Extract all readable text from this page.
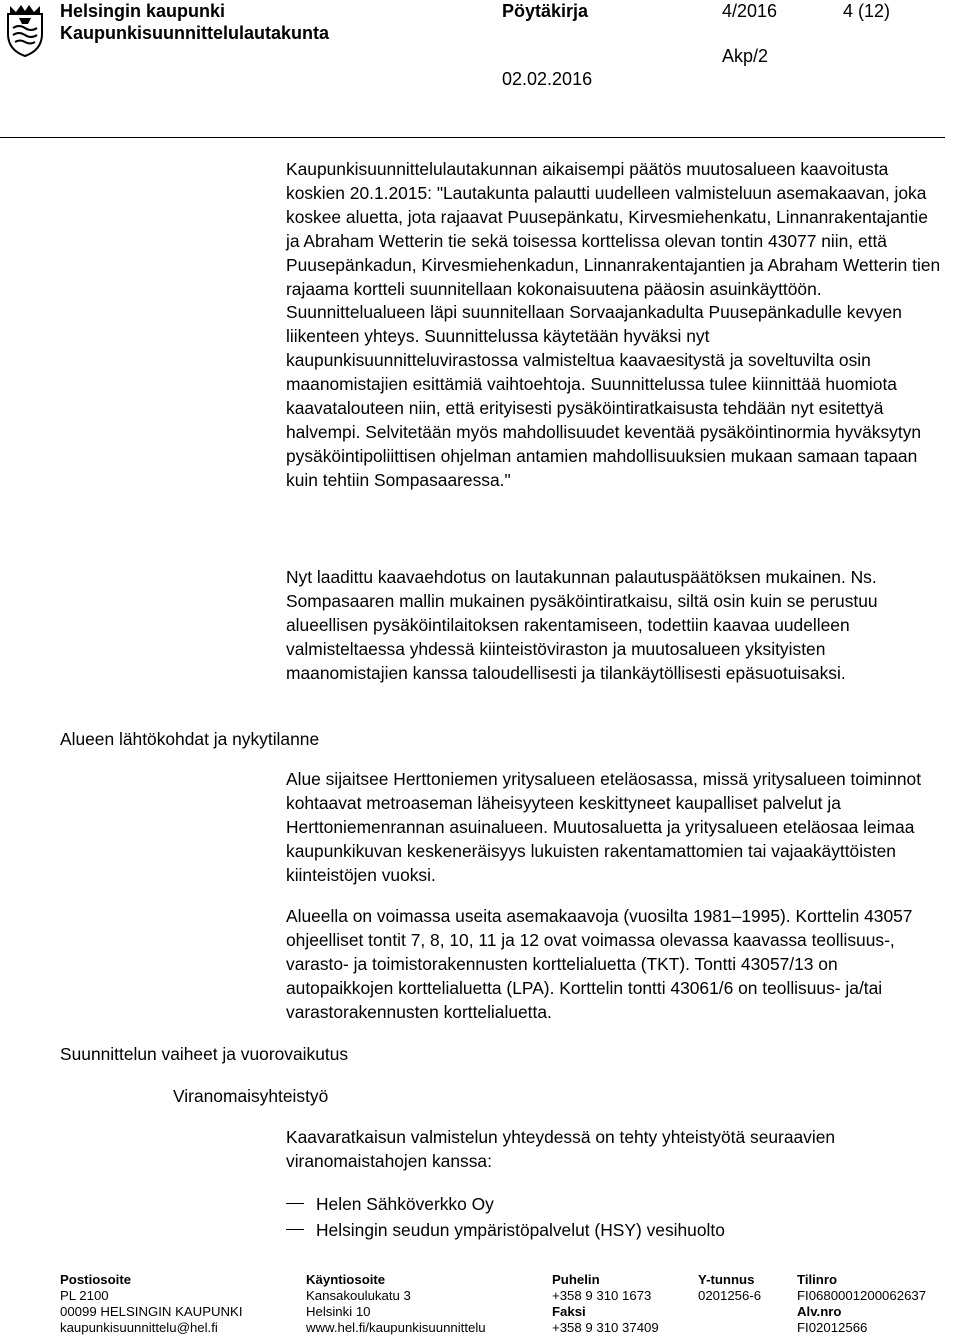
Helsingin kaupunki
Kaupunkisuunnittelulautakunta
Pöytäkirja	4/2016	4 (12)
Akp/2
02.02.2016

Kaupunkisuunnittelulautakunnan aikaisempi päätös muutosalueen kaavoitusta koskien 20.1.2015: "Lautakunta palautti uudelleen valmisteluun asemakaavan, joka koskee aluetta, jota rajaavat Puusepänkatu, Kirvesmiehenkatu, Linnanrakentajantie ja Abraham Wetterin tie sekä toisessa korttelissa olevan tontin 43077 niin, että Puusepänkadun, Kirvesmiehenkadun, Linnanrakentajantien ja Abraham Wetterin tien rajaama kortteli suunnitellaan kokonaisuutena pääosin asuinkäyttöön. Suunnittelualueen läpi suunnitellaan Sorvaajankadulta Puusepänkadulle kevyen liikenteen yhteys. Suunnittelussa käytetään hyväksi nyt kaupunkisuunnitteluvirastossa valmisteltua kaavaesitystä ja soveltuvilta osin maanomistajien esittämiä vaihtoehtoja. Suunnittelussa tulee kiinnittää huomiota kaavatalouteen niin, että erityisesti pysäköintiratkaisusta tehdään nyt esitettyä halvempi. Selvitetään myös mahdollisuudet keventää pysäköintinormia hyväksytyn pysäköintipoliittisen ohjelman antamien mahdollisuuksien mukaan samaan tapaan kuin tehtiin Sompasaaressa."

Nyt laadittu kaavaehdotus on lautakunnan palautuspäätöksen mukainen. Ns. Sompasaaren mallin mukainen pysäköintiratkaisu, siltä osin kuin se perustuu alueellisen pysäköintilaitoksen rakentamiseen, todettiin kaavaa uudelleen valmisteltaessa yhdessä kiinteistöviraston ja muutosalueen yksityisten maanomistajien kanssa taloudellisesti ja tilankäytöllisesti epäsuotuisaksi.

Alueen lähtökohdat ja nykytilanne

Alue sijaitsee Herttoniemen yritysalueen eteläosassa, missä yritysalueen toiminnot kohtaavat metroaseman läheisyyteen keskittyneet kaupalliset palvelut ja Herttoniemenrannan asuinalueen. Muutosaluetta ja yritysalueen eteläosaa leimaa kaupunkikuvan keskeneräisyys lukuisten rakentamattomien tai vajaakäyttöisten kiinteistöjen vuoksi.

Alueella on voimassa useita asemakaavoja (vuosilta 1981–1995). Korttelin 43057 ohjeelliset tontit 7, 8, 10, 11 ja 12 ovat voimassa olevassa kaavassa teollisuus-, varasto- ja toimistorakennusten korttelialuetta (TKT). Tontti 43057/13 on autopaikkojen korttelialuetta (LPA). Korttelin tontti 43061/6 on teollisuus- ja/tai varastorakennusten korttelialuetta.

Suunnittelun vaiheet ja vuorovaikutus
Viranomaisyhteistyö

Kaavaratkaisun valmistelun yhteydessä on tehty yhteistyötä seuraavien viranomaistahojen kanssa:

Helen Sähköverkko Oy
Helsingin seudun ympäristöpalvelut (HSY) vesihuolto
Postiosoite
PL 2100
00099 HELSINGIN KAUPUNKI
kaupunkisuunnittelu@hel.fi
Käyntiosoite
Kansakoulukatu 3
Helsinki 10
www.hel.fi/kaupunkisuunnittelu
Puhelin
+358 9 310 1673
Faksi
+358 9 310 37409
Y-tunnus
0201256-6
Tilinro
FI0680001200062637
Alv.nro
FI02012566
